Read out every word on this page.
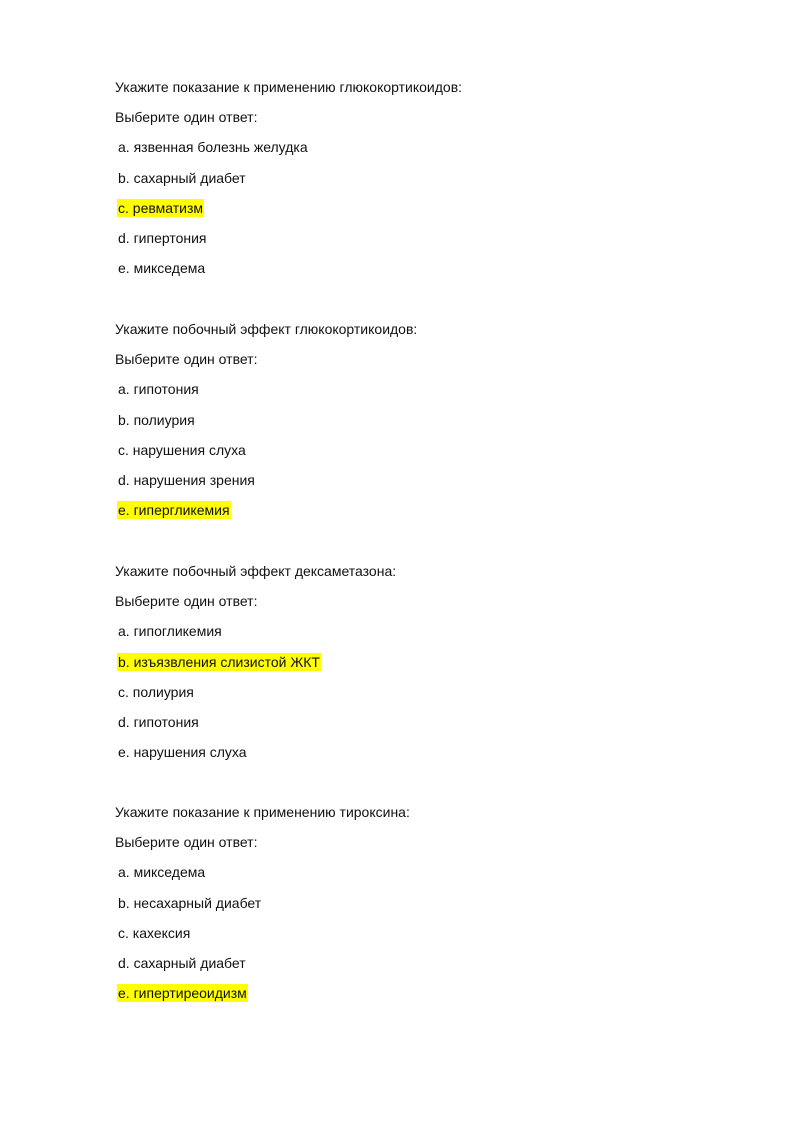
Укажите показание к применению глюкокортикоидов:
Выберите один ответ:
a. язвенная болезнь желудка
b. сахарный диабет
c. ревматизм
d. гипертония
e. микседема
Укажите побочный эффект глюкокортикоидов:
Выберите один ответ:
a. гипотония
b. полиурия
c. нарушения слуха
d. нарушения зрения
e. гипергликемия
Укажите побочный эффект дексаметазона:
Выберите один ответ:
a. гипогликемия
b. изъязвления слизистой ЖКТ
c. полиурия
d. гипотония
e. нарушения слуха
Укажите показание к применению тироксина:
Выберите один ответ:
a. микседема
b. несахарный диабет
c. кахексия
d. сахарный диабет
e. гипертиреоидизм
